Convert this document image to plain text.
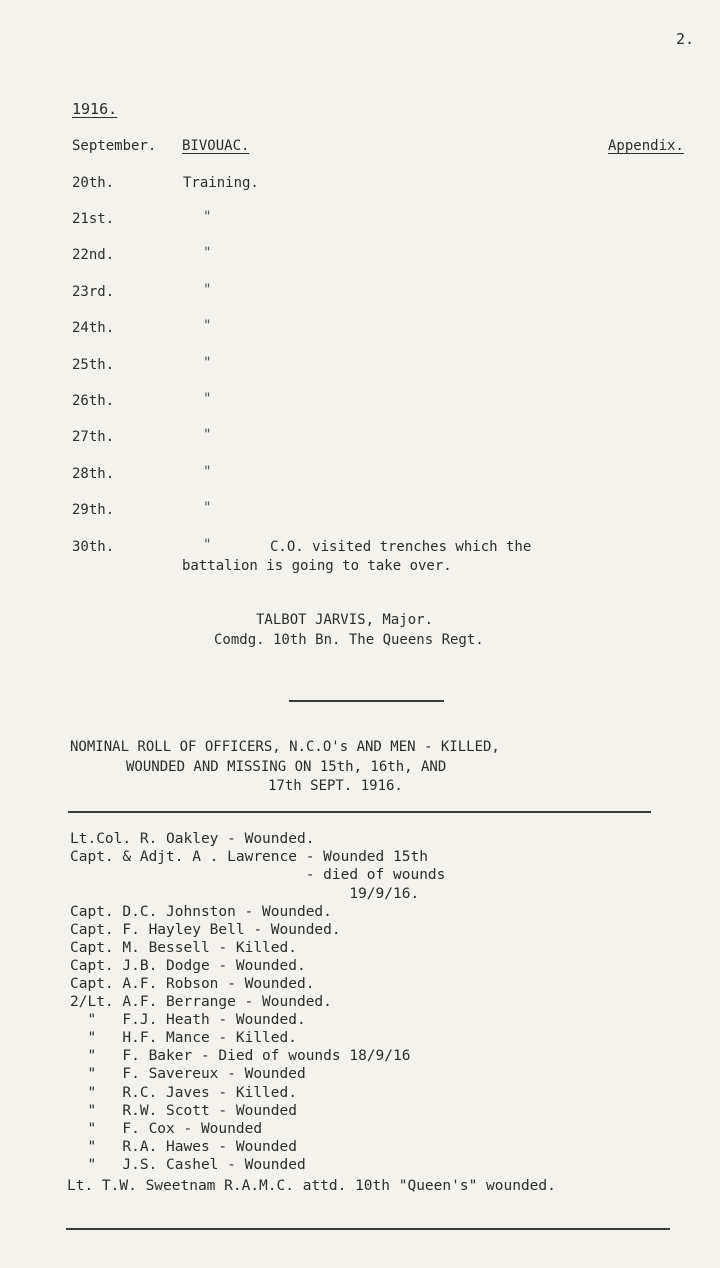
2.
1916.
September. BIVOUAC.	Appendix.
20th.	Training.
21st.	"
22nd.	"
23rd.	"
24th.	"
25th.	"
26th.	"
27th.	"
28th.	"
29th.	"
30th.	"	C.O. visited trenches which the
battalion is going to take over.
TALBOT JARVIS, Major.
Comdg. 10th Bn. The Queens Regt.
NOMINAL ROLL OF OFFICERS, N.C.O's AND MEN - KILLED,
WOUNDED AND MISSING ON 15th, 16th, AND
17th SEPT. 1916.
Lt.Col. R. Oakley - Wounded.
Capt. & Adjt. A . Lawrence - Wounded 15th
- died of wounds
19/9/16.
Capt. D.C. Johnston - Wounded.
Capt. F. Hayley Bell - Wounded.
Capt. M. Bessell - Killed.
Capt. J.B. Dodge - Wounded.
Capt. A.F. Robson - Wounded.
2/Lt. A.F. Berrange - Wounded.
"   F.J. Heath - Wounded.
"   H.F. Mance - Killed.
"   F. Baker - Died of wounds 18/9/16
"   F. Savereux - Wounded
"   R.C. Javes - Killed.
"   R.W. Scott - Wounded
"   F. Cox - Wounded
"   R.A. Hawes - Wounded
"   J.S. Cashel - Wounded
Lt. T.W. Sweetnam R.A.M.C. attd. 10th "Queen's" wounded.
